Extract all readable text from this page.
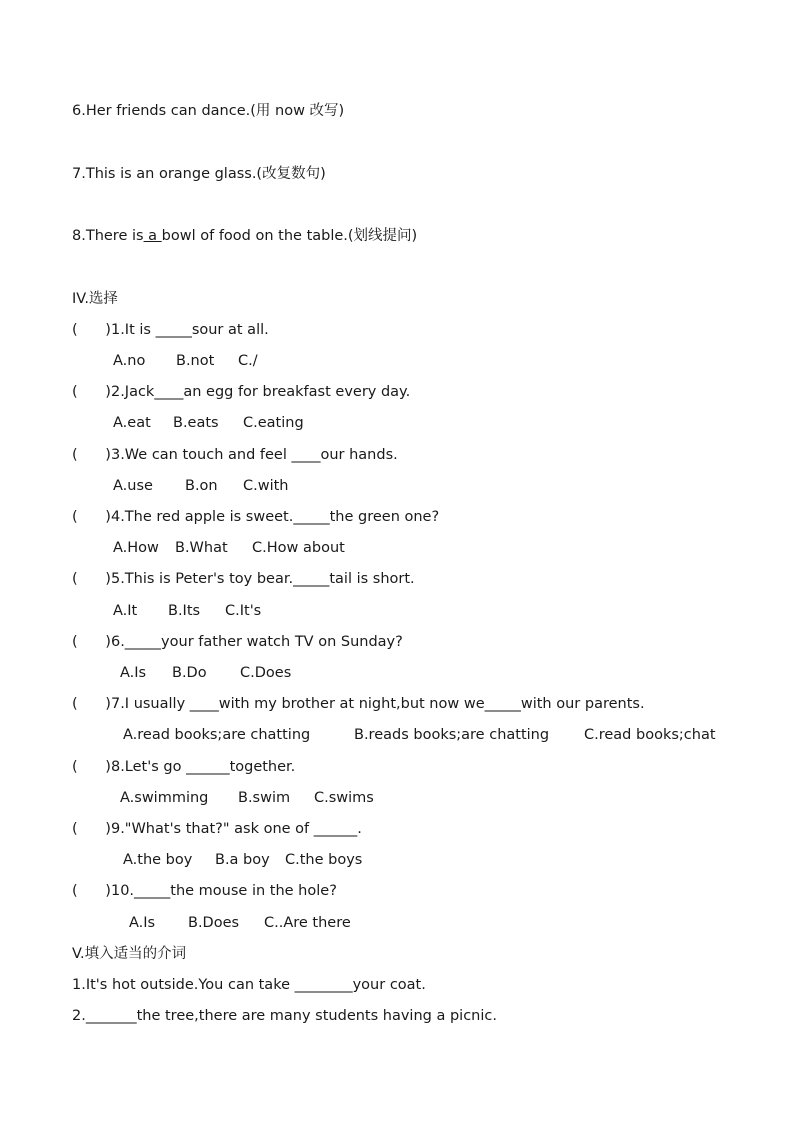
6.Her friends can dance.(用 now 改写)
7.This is an orange glass.(改复数句)
8.There is a bowl of food on the table.(划线提问)
IV.选择
(      )1.It is _____sour at all.
A.no B.not C./
(      )2.Jack____an egg for breakfast every day.
A.eat B.eats C.eating
(      )3.We can touch and feel ____our hands.
A.use B.on C.with
(      )4.The red apple is sweet._____the green one?
A.How B.What C.How about
(      )5.This is Peter's toy bear._____tail is short.
A.It B.Its C.It's
(      )6._____your father watch TV on Sunday?
A.Is B.Do C.Does
(      )7.I usually ____with my brother at night,but now we_____with our parents.
A.read books;are chatting	B.reads books;are chatting C.read books;chat
(      )8.Let's go ______together.
A.swimming B.swim C.swims
(      )9."What's that?" ask one of ______.
A.the boy B.a boy C.the boys
(      )10._____the mouse in the hole?
A.Is B.Does C..Are there
V.填入适当的介词
1.It's hot outside.You can take ________your coat.
2._______the tree,there are many students having a picnic.
